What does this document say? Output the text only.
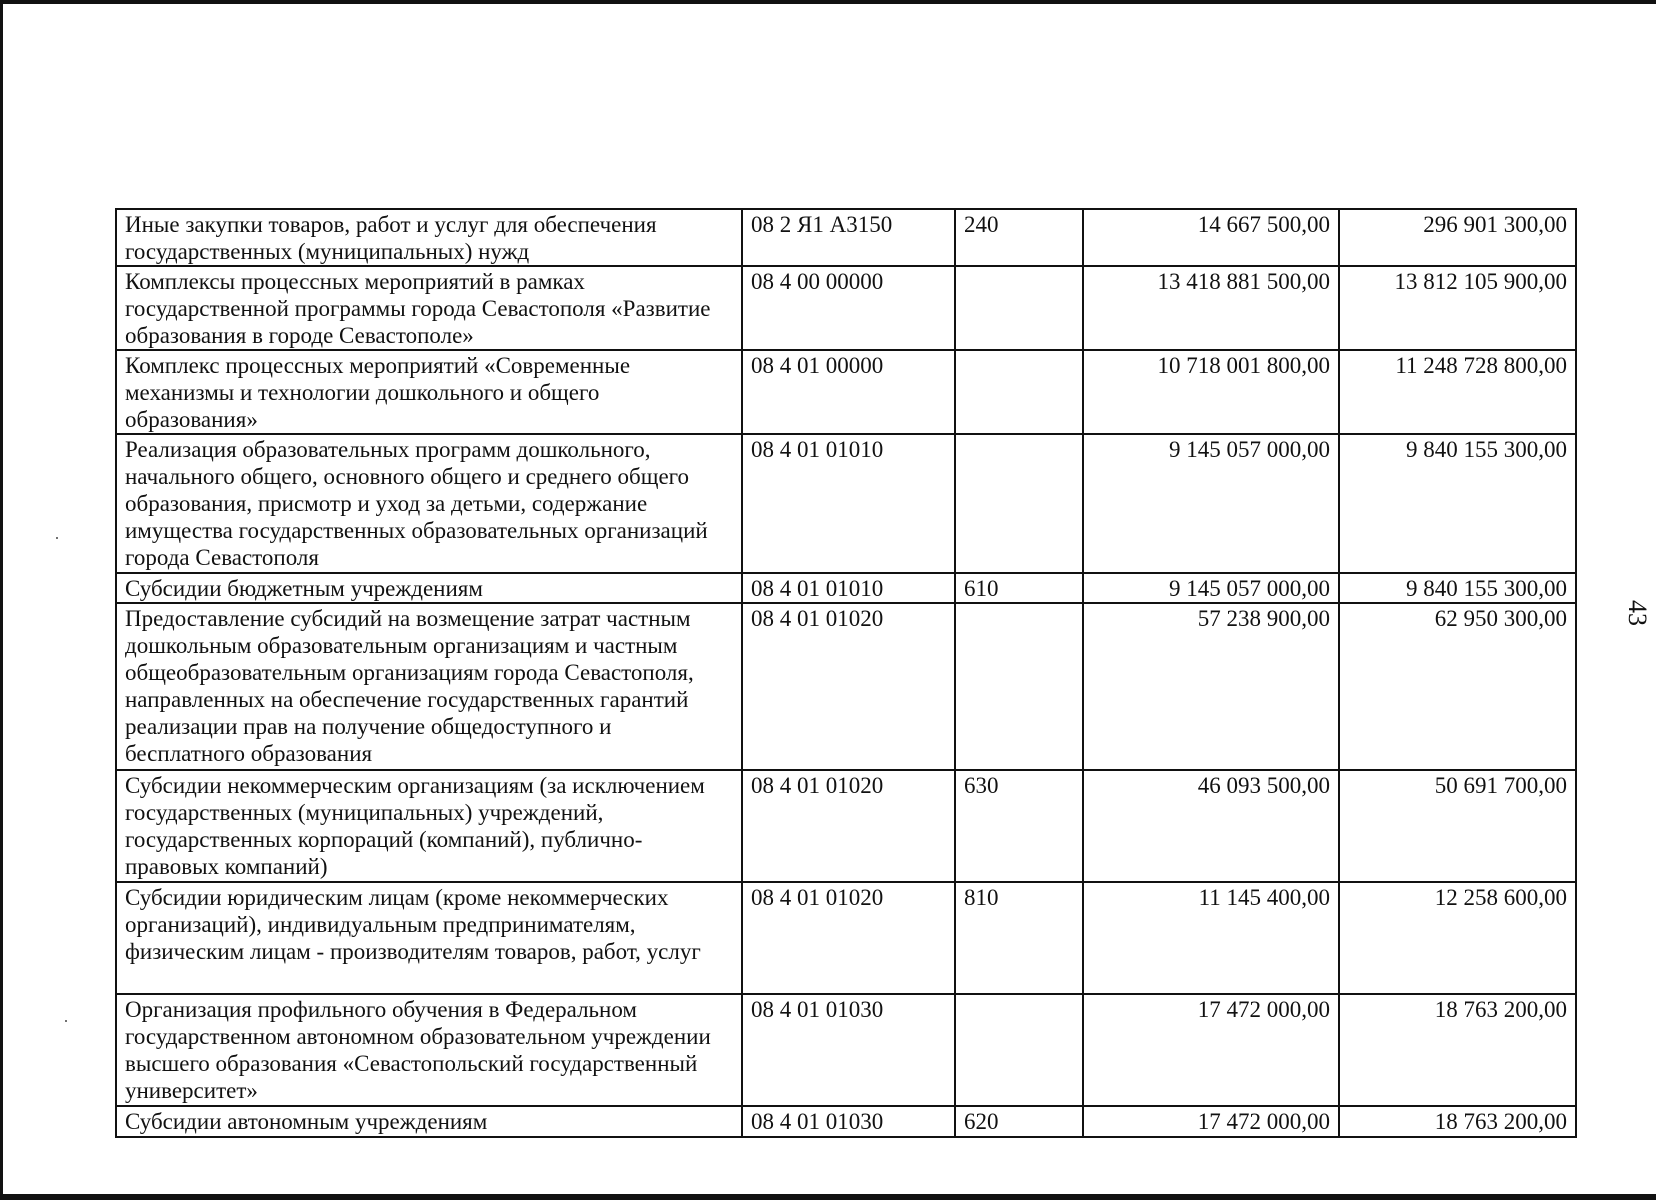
Иные закупки товаров, работ и услуг для обеспечения государственных (муниципальных) нужд	08 2 Я1 А3150	240	14 667 500,00	296 901 300,00
Комплексы процессных мероприятий в рамках государственной программы города Севастополя «Развитие образования в городе Севастополе»	08 4 00 00000		13 418 881 500,00	13 812 105 900,00
Комплекс процессных мероприятий «Современные механизмы и технологии дошкольного и общего образования»	08 4 01 00000		10 718 001 800,00	11 248 728 800,00
Реализация образовательных программ дошкольного, начального общего, основного общего и среднего общего образования, присмотр и уход за детьми, содержание имущества государственных образовательных организаций города Севастополя	08 4 01 01010		9 145 057 000,00	9 840 155 300,00
Субсидии бюджетным учреждениям	08 4 01 01010	610	9 145 057 000,00	9 840 155 300,00
Предоставление субсидий на возмещение затрат частным дошкольным образовательным организациям и частным общеобразовательным организациям города Севастополя, направленных на обеспечение государственных гарантий реализации прав на получение общедоступного и бесплатного образования	08 4 01 01020		57 238 900,00	62 950 300,00
Субсидии некоммерческим организациям (за исключением государственных (муниципальных) учреждений, государственных корпораций (компаний), публично-правовых компаний)	08 4 01 01020	630	46 093 500,00	50 691 700,00
Субсидии юридическим лицам (кроме некоммерческих организаций), индивидуальным предпринимателям, физическим лицам - производителям товаров, работ, услуг	08 4 01 01020	810	11 145 400,00	12 258 600,00
Организация профильного обучения в Федеральном государственном автономном образовательном учреждении высшего образования «Севастопольский государственный университет»	08 4 01 01030		17 472 000,00	18 763 200,00
Субсидии автономным учреждениям	08 4 01 01030	620	17 472 000,00	18 763 200,00
43
